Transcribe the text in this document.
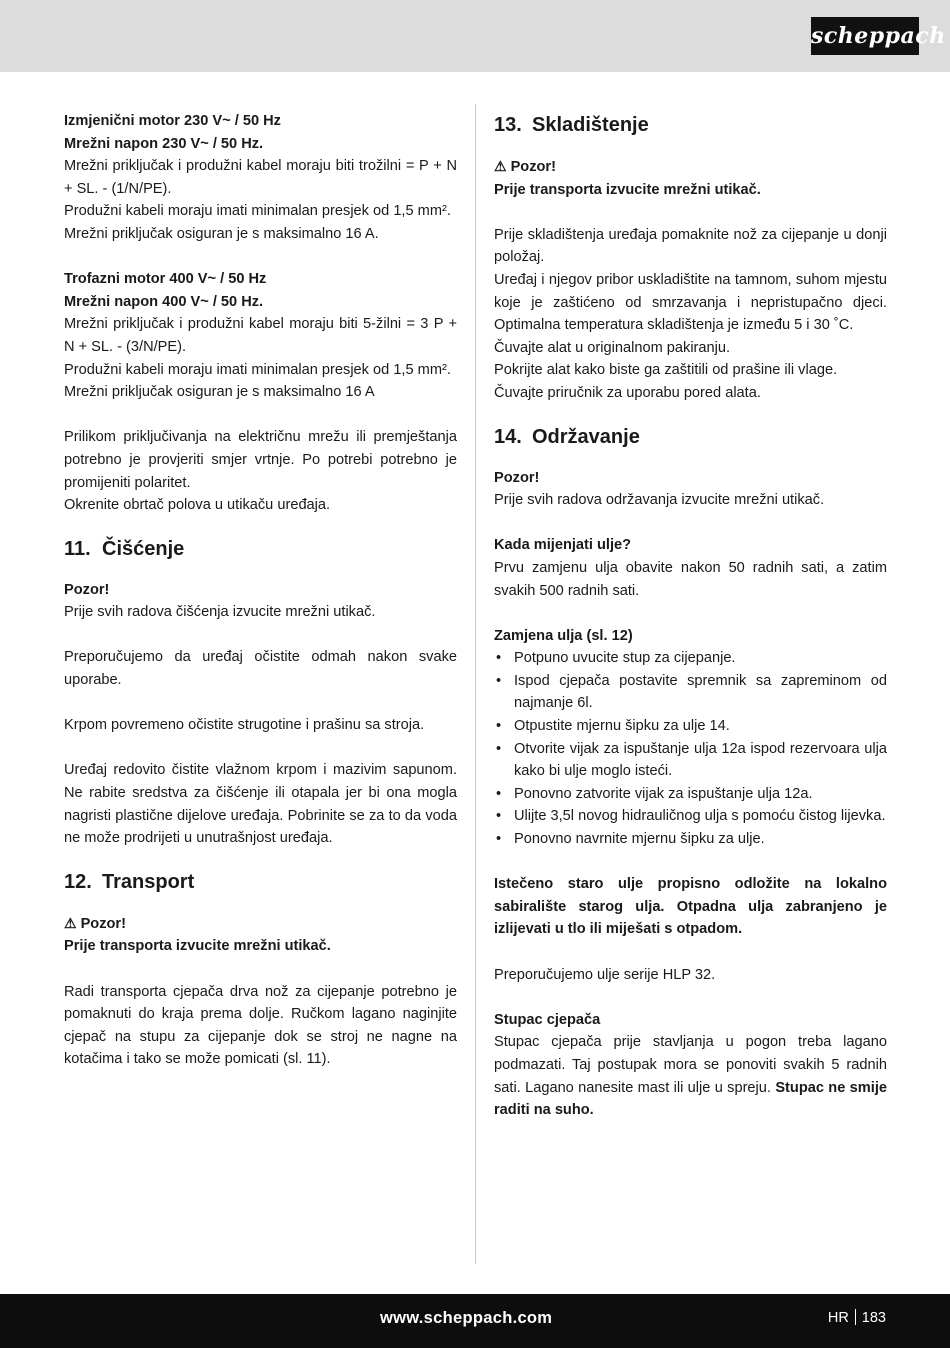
scheppach

Izmjenični motor 230 V~ / 50 Hz

Mrežni napon 230 V~ / 50 Hz.

Mrežni priključak i produžni kabel moraju biti trožilni = P + N + SL. - (1/N/PE).

Produžni kabeli moraju imati minimalan presjek od 1,5 mm².

Mrežni priključak osiguran je s maksimalno 16 A.

Trofazni motor 400 V~ / 50 Hz

Mrežni napon 400 V~ / 50 Hz.

Mrežni priključak i produžni kabel moraju biti 5-žilni = 3 P + N + SL. - (3/N/PE).

Produžni kabeli moraju imati minimalan presjek od 1,5 mm².

Mrežni priključak osiguran je s maksimalno 16 A

Prilikom priključivanja na električnu mrežu ili premještanja potrebno je provjeriti smjer vrtnje. Po potrebi potrebno je promijeniti polaritet.

Okrenite obrtač polova u utikaču uređaja.

11. Čišćenje

Pozor!

Prije svih radova čišćenja izvucite mrežni utikač.

Preporučujemo da uređaj očistite odmah nakon svake uporabe.

Krpom povremeno očistite strugotine i prašinu sa stroja.

Uređaj redovito čistite vlažnom krpom i mazivim sapunom. Ne rabite sredstva za čišćenje ili otapala jer bi ona mogla nagristi plastične dijelove uređaja. Pobrinite se za to da voda ne može prodrijeti u unutrašnjost uređaja.

12. Transport

⚠ Pozor!

Prije transporta izvucite mrežni utikač.

Radi transporta cjepača drva nož za cijepanje potrebno je pomaknuti do kraja prema dolje. Ručkom lagano naginjite cjepač na stupu za cijepanje dok se stroj ne nagne na kotačima i tako se može pomicati (sl. 11).

13. Skladištenje

⚠ Pozor!

Prije transporta izvucite mrežni utikač.

Prije skladištenja uređaja pomaknite nož za cijepanje u donji položaj.

Uređaj i njegov pribor uskladištite na tamnom, suhom mjestu koje je zaštićeno od smrzavanja i nepristupačno djeci. Optimalna temperatura skladištenja je između 5 i 30 ˚C.

Čuvajte alat u originalnom pakiranju.

Pokrijte alat kako biste ga zaštitili od prašine ili vlage.

Čuvajte priručnik za uporabu pored alata.

14. Održavanje

Pozor!

Prije svih radova održavanja izvucite mrežni utikač.

Kada mijenjati ulje?

Prvu zamjenu ulja obavite nakon 50 radnih sati, a zatim svakih 500 radnih sati.

Zamjena ulja (sl. 12)

• Potpuno uvucite stup za cijepanje.
• Ispod cjepača postavite spremnik sa zapreminom od najmanje 6l.
• Otpustite mjernu šipku za ulje 14.
• Otvorite vijak za ispuštanje ulja 12a ispod rezervoara ulja kako bi ulje moglo isteći.
• Ponovno zatvorite vijak za ispuštanje ulja 12a.
• Ulijte 3,5l novog hidrauličnog ulja s pomoću čistog lijevka.
• Ponovno navrnite mjernu šipku za ulje.

Istečeno staro ulje propisno odložite na lokalno sabiralište starog ulja. Otpadna ulja zabranjeno je izlijevati u tlo ili miješati s otpadom.

Preporučujemo ulje serije HLP 32.

Stupac cjepača

Stupac cjepača prije stavljanja u pogon treba lagano podmazati. Taj postupak mora se ponoviti svakih 5 radnih sati. Lagano nanesite mast ili ulje u spreju. Stupac ne smije raditi na suho.

www.scheppach.com	HR 183
